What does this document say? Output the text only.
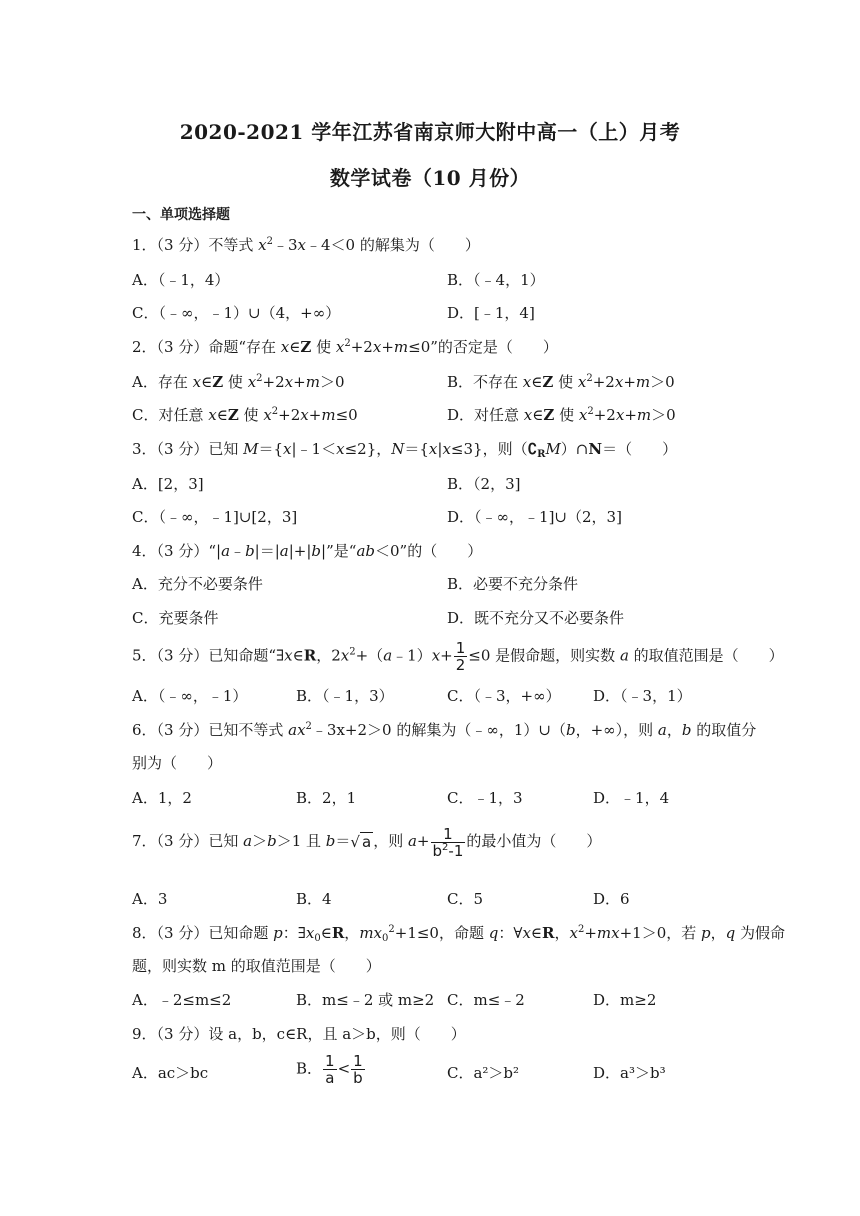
2020-2021 学年江苏省南京师大附中高一（上）月考
数学试卷（10 月份）
一、单项选择题
1．（3 分）不等式 $x^2﹣3x﹣4<0$ 的解集为（　　）
A．（﹣1，4）	B．（﹣4，1）
C．（﹣∞，﹣1）∪（4，+∞）	D．[﹣1，4]
2．（3 分）命题“存在 x∈Z 使 $x^2+2x+m\le 0$”的否定是（　　）
A．存在 x∈Z 使 $x^2+2x+m>0$	B．不存在 x∈Z 使 $x^2+2x+m>0$
C．对任意 x∈Z 使 $x^2+2x+m\le 0$	D．对任意 x∈Z 使 $x^2+2x+m>0$
3．（3 分）已知 M＝{x|﹣1＜x≤2}，N＝{x|x≤3}，则$(∁_RM)\cap N=$（　　）
A．[2，3]	B．（2，3]
C．（﹣∞，﹣1]∪[2，3]	D．（﹣∞，﹣1]∪（2，3]
4．（3 分）“|a﹣b|＝|a|+|b|”是“ab＜0”的（　　）
A．充分不必要条件	B．必要不充分条件
C．充要条件	D．既不充分又不必要条件
5．（3 分）已知命题“∃x∈R，$2x^2+(a﹣1)x+ \frac{1}{2} \le 0$ 是假命题，则实数 a 的取值范围是（　　）
A．（﹣∞，﹣1）	B．（﹣1，3）	C．（﹣3，+∞） D．（﹣3，1）
6．（3 分）已知不等式 $ax^2﹣3x+2>0$ 的解集为（﹣∞，1）∪（b，+∞），则 a，b 的取值分
别为（　　）
A．1，2	B．2，1	C．﹣1，3	D．﹣1，4
7．（3 分）已知 a＞b＞1 且 b＝√ a ，则 $a+ \frac{1}{b^2-1}$ 的最小值为（　　）
A．3	B．4	C．5	D．6
8．（3 分）已知命题 p：$\exists x_0\in R$，$mx_0^2+1\le 0$，命题 q：∀x∈R，$x^2+mx+1>0$，若 p，q 为假命
题，则实数 m 的取值范围是（　　）
A．﹣2≤m≤2	B．m≤﹣2 或 m≥2 C．m≤﹣2	D．m≥2
9．（3 分）设 a，b，c∈R，且 a＞b，则（　　）
A．ac＞bc	B． $\frac{1}{a} < \frac{1}{b}$	C．a²＞b²	D．a³＞b³
